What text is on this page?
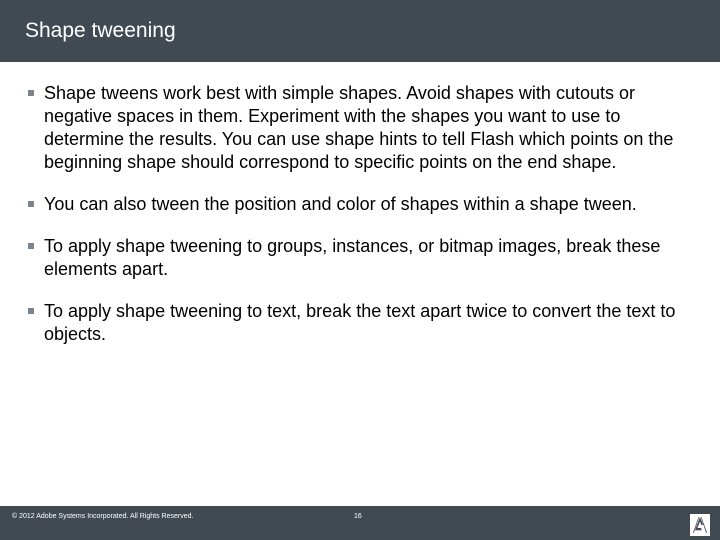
Shape tweening
Shape tweens work best with simple shapes. Avoid shapes with cutouts or negative spaces in them. Experiment with the shapes you want to use to determine the results. You can use shape hints to tell Flash which points on the beginning shape should correspond to specific points on the end shape.
You can also tween the position and color of shapes within a shape tween.
To apply shape tweening to groups, instances, or bitmap images, break these elements apart.
To apply shape tweening to text, break the text apart twice to convert the text to objects.
© 2012 Adobe Systems Incorporated. All Rights Reserved.	16
